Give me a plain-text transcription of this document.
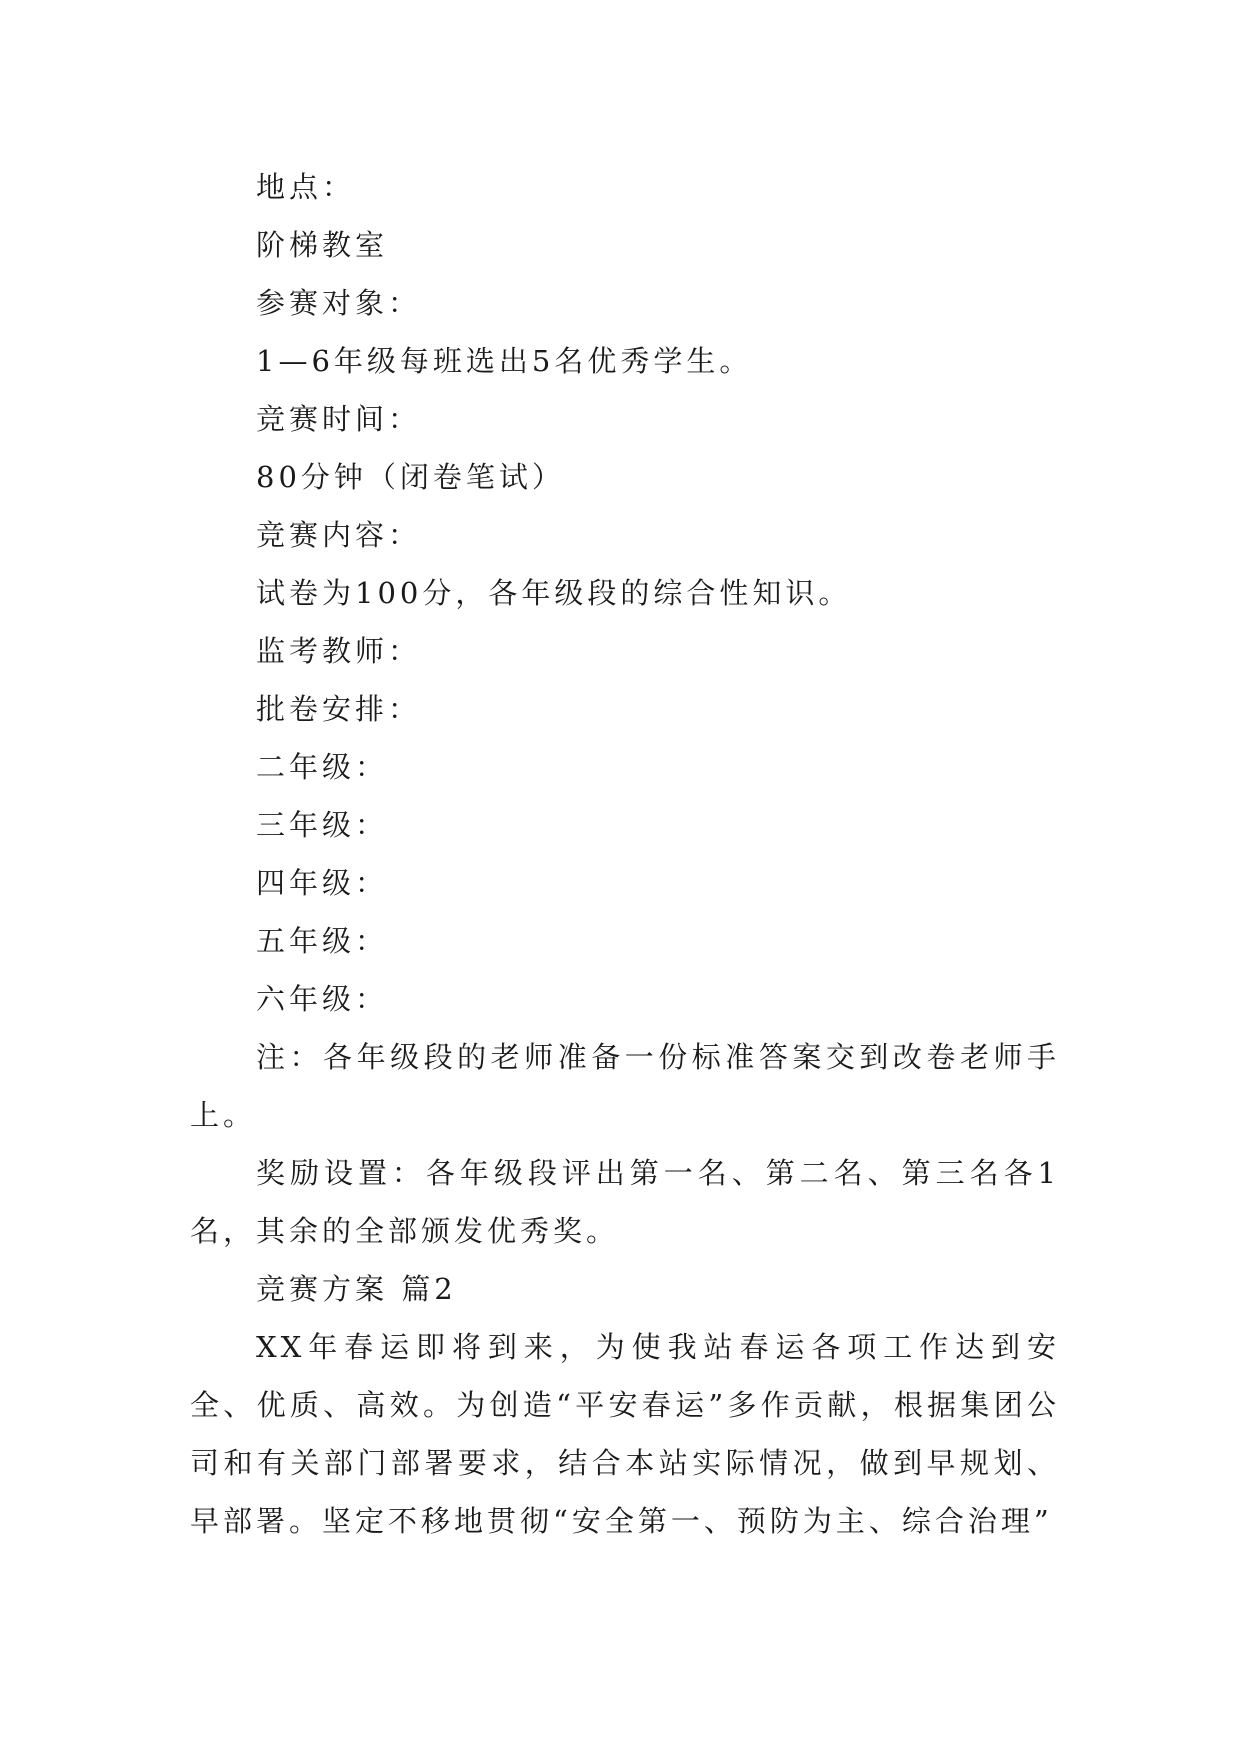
地点：

阶梯教室

参赛对象：

1—6年级每班选出5名优秀学生。

竞赛时间：

80分钟（闭卷笔试）

竞赛内容：

试卷为100分，各年级段的综合性知识。

监考教师：

批卷安排：

二年级：

三年级：

四年级：

五年级：

六年级：

注：各年级段的老师准备一份标准答案交到改卷老师手上。

奖励设置：各年级段评出第一名、第二名、第三名各1名，其余的全部颁发优秀奖。

竞赛方案 篇2

XX年春运即将到来，为使我站春运各项工作达到安全、优质、高效。为创造“平安春运”多作贡献，根据集团公司和有关部门部署要求，结合本站实际情况，做到早规划、早部署。坚定不移地贯彻“安全第一、预防为主、综合治理”
